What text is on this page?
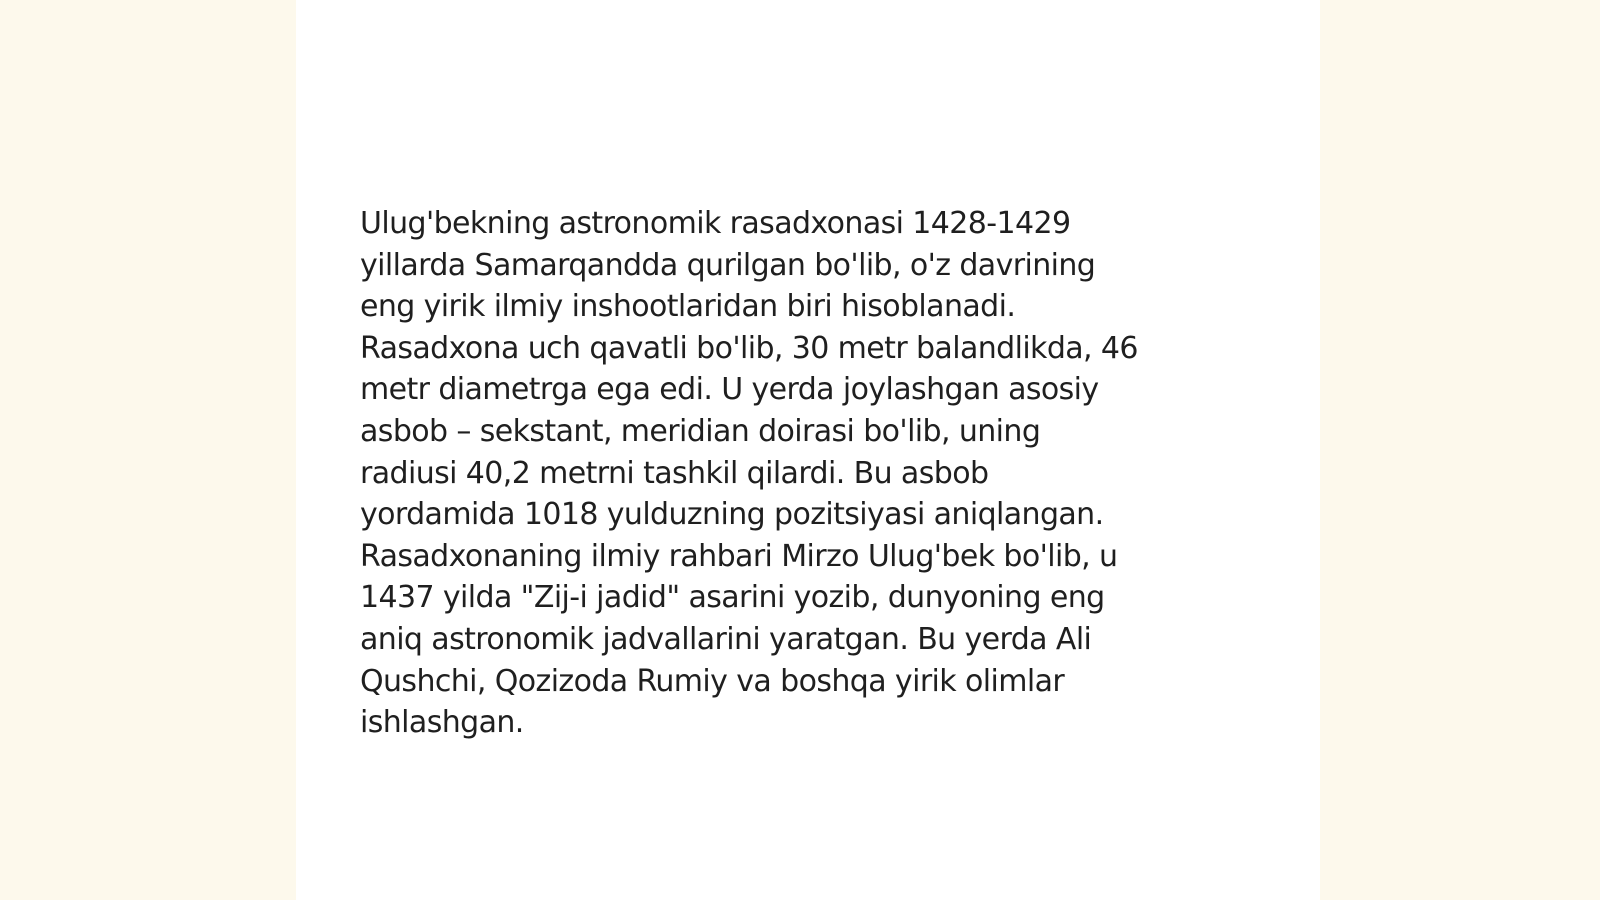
Ulug'bekning astronomik rasadxonasi 1428-1429
yillarda Samarqandda qurilgan bo'lib, o'z davrining
eng yirik ilmiy inshootlaridan biri hisoblanadi.
Rasadxona uch qavatli bo'lib, 30 metr balandlikda, 46
metr diametrga ega edi. U yerda joylashgan asosiy
asbob – sekstant, meridian doirasi bo'lib, uning
radiusi 40,2 metrni tashkil qilardi. Bu asbob
yordamida 1018 yulduzning pozitsiyasi aniqlangan.
Rasadxonaning ilmiy rahbari Mirzo Ulug'bek bo'lib, u
1437 yilda "Zij-i jadid" asarini yozib, dunyoning eng
aniq astronomik jadvallarini yaratgan. Bu yerda Ali
Qushchi, Qozizoda Rumiy va boshqa yirik olimlar
ishlashgan.
